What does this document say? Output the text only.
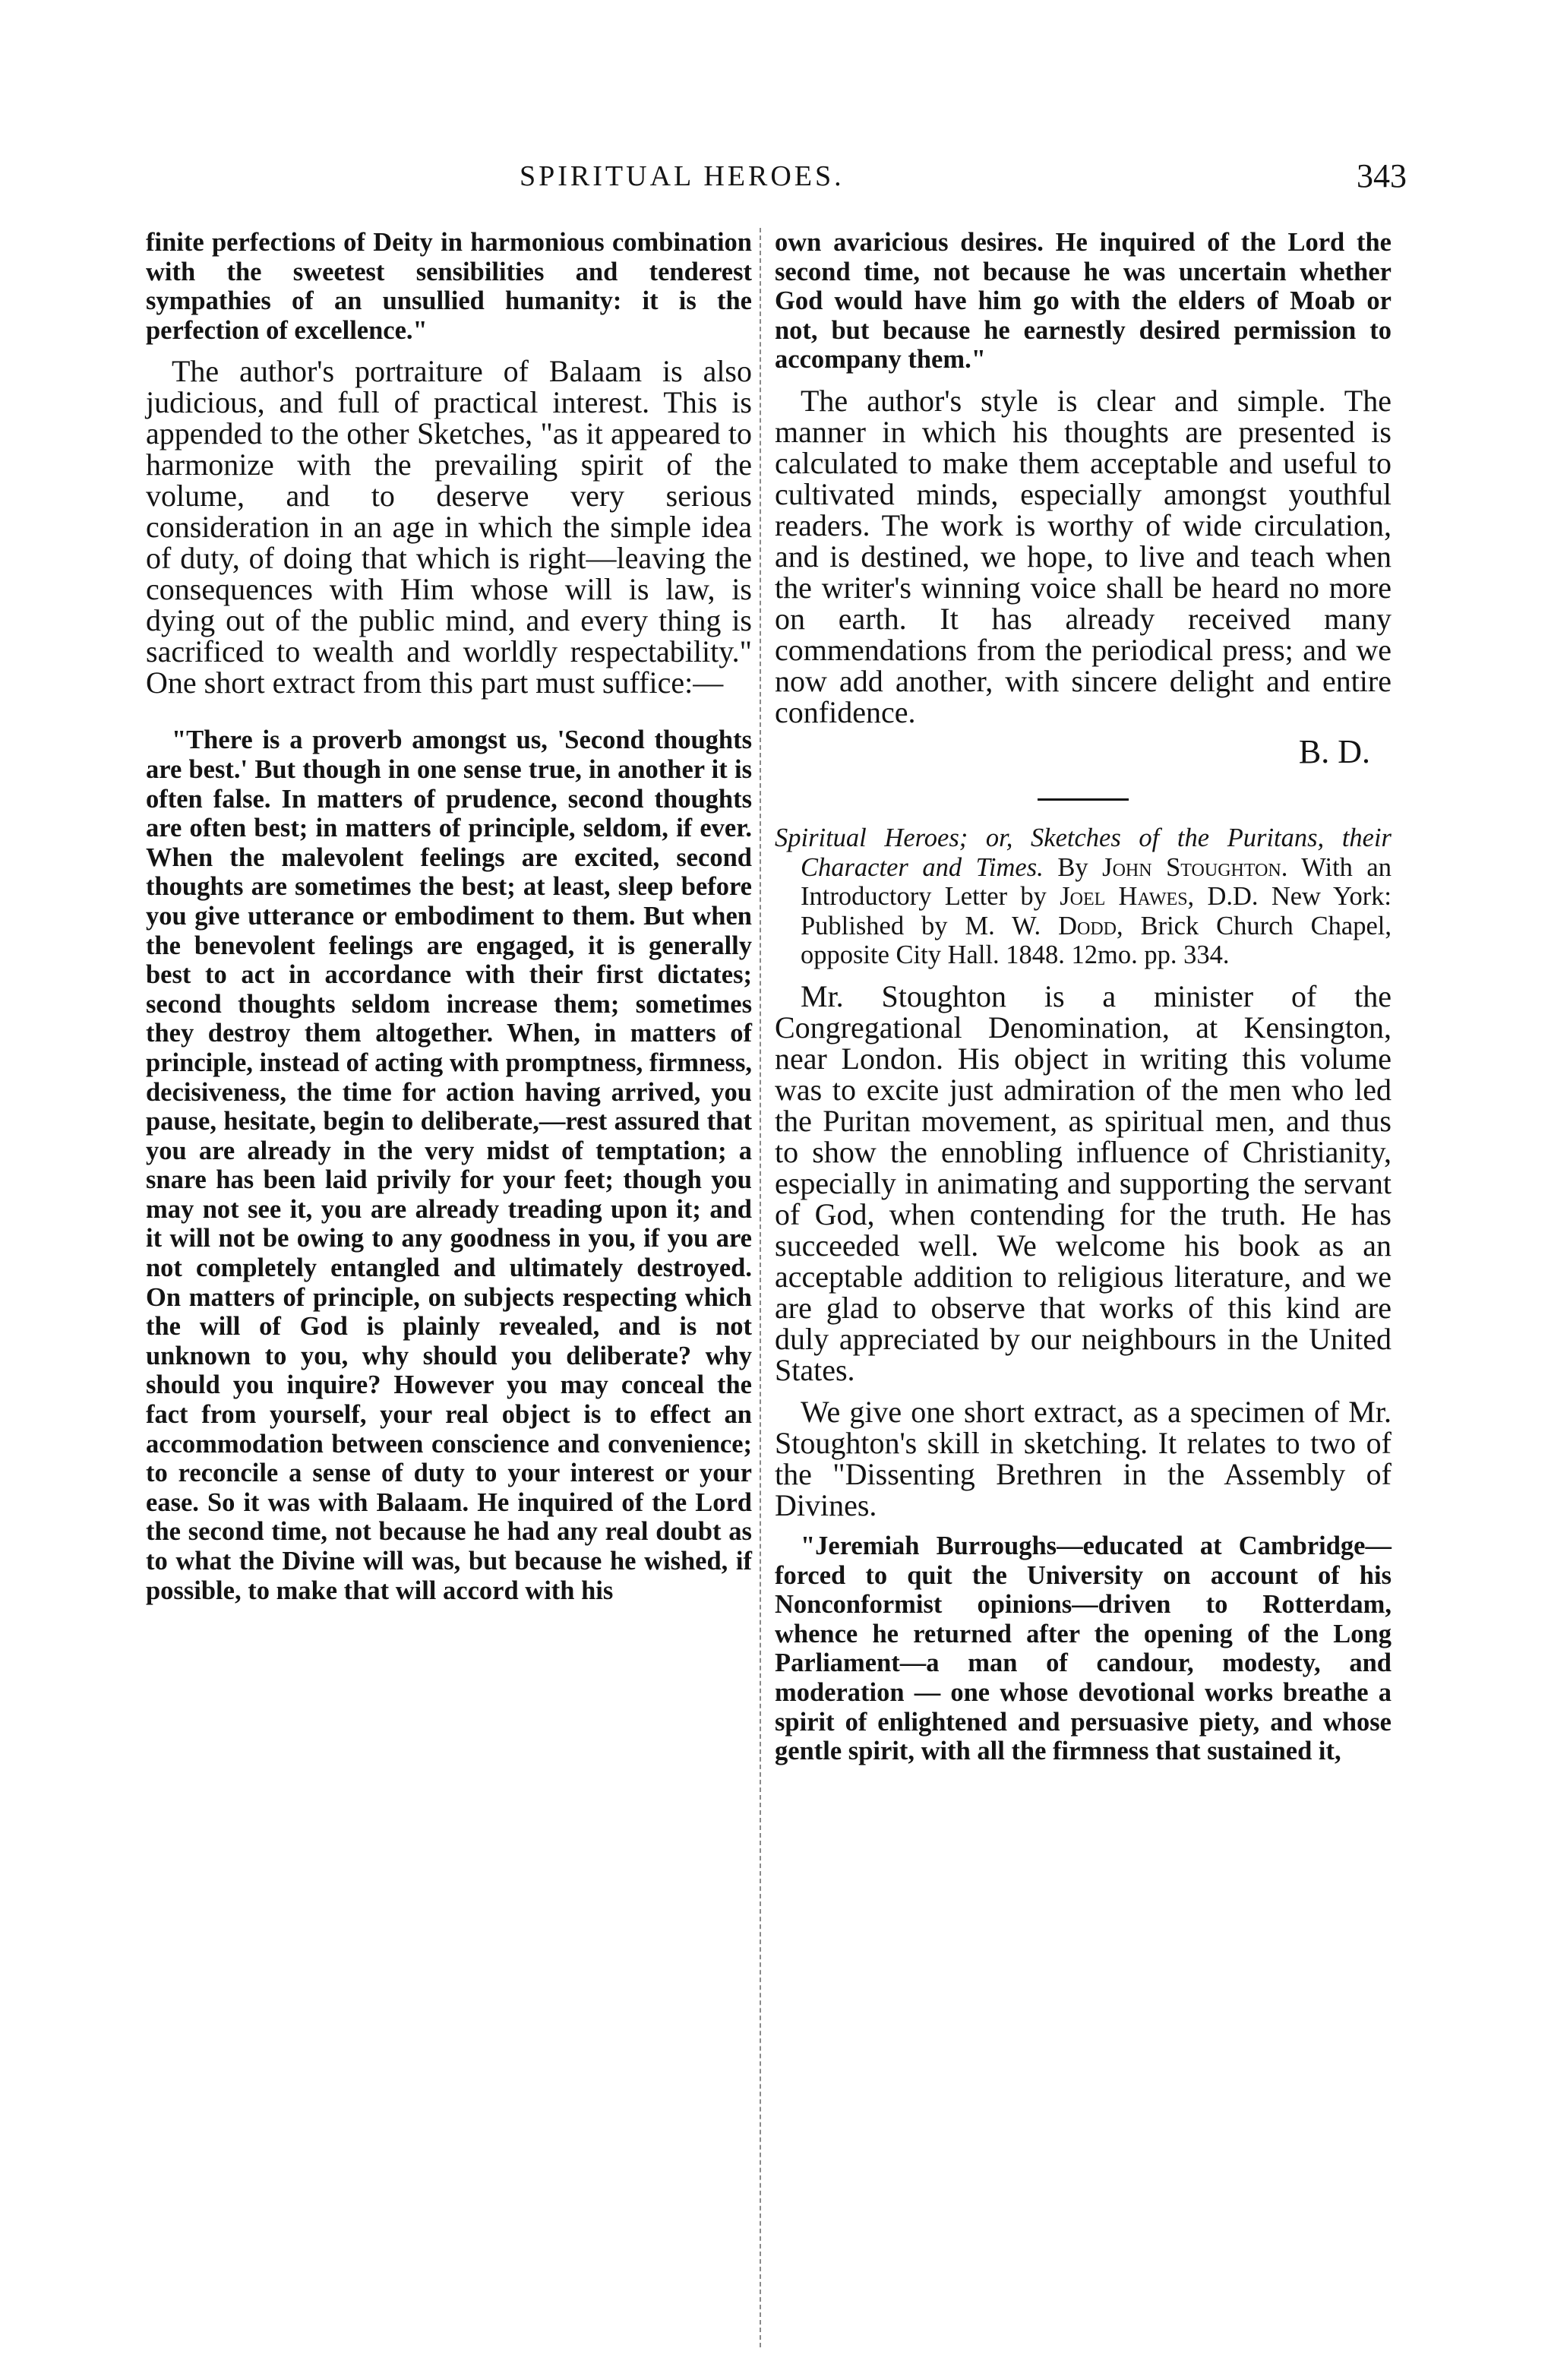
SPIRITUAL HEROES.	343

finite perfections of Deity in harmonious combination with the sweetest sensibilities and tenderest sympathies of an unsullied humanity: it is the perfection of excellence."

The author's portraiture of Balaam is also judicious, and full of practical interest. This is appended to the other Sketches, "as it appeared to harmonize with the prevailing spirit of the volume, and to deserve very serious consideration in an age in which the simple idea of duty, of doing that which is right—leaving the consequences with Him whose will is law, is dying out of the public mind, and every thing is sacrificed to wealth and worldly respectability." One short extract from this part must suffice:—

"There is a proverb amongst us, 'Second thoughts are best.' But though in one sense true, in another it is often false. In matters of prudence, second thoughts are often best; in matters of principle, seldom, if ever. When the malevolent feelings are excited, second thoughts are sometimes the best; at least, sleep before you give utterance or embodiment to them. But when the benevolent feelings are engaged, it is generally best to act in accordance with their first dictates; second thoughts seldom increase them; sometimes they destroy them altogether. When, in matters of principle, instead of acting with promptness, firmness, decisiveness, the time for action having arrived, you pause, hesitate, begin to deliberate,—rest assured that you are already in the very midst of temptation; a snare has been laid privily for your feet; though you may not see it, you are already treading upon it; and it will not be owing to any goodness in you, if you are not completely entangled and ultimately destroyed. On matters of principle, on subjects respecting which the will of God is plainly revealed, and is not unknown to you, why should you deliberate? why should you inquire? However you may conceal the fact from yourself, your real object is to effect an accommodation between conscience and convenience; to reconcile a sense of duty to your interest or your ease. So it was with Balaam. He inquired of the Lord the second time, not because he had any real doubt as to what the Divine will was, but because he wished, if possible, to make that will accord with his

own avaricious desires. He inquired of the Lord the second time, not because he was uncertain whether God would have him go with the elders of Moab or not, but because he earnestly desired permission to accompany them."

The author's style is clear and simple. The manner in which his thoughts are presented is calculated to make them acceptable and useful to cultivated minds, especially amongst youthful readers. The work is worthy of wide circulation, and is destined, we hope, to live and teach when the writer's winning voice shall be heard no more on earth. It has already received many commendations from the periodical press; and we now add another, with sincere delight and entire confidence.

B. D.

Spiritual Heroes; or, Sketches of the Puritans, their Character and Times. By John Stoughton. With an Introductory Letter by Joel Hawes, D.D. New York: Published by M. W. Dodd, Brick Church Chapel, opposite City Hall. 1848. 12mo. pp. 334.

Mr. Stoughton is a minister of the Congregational Denomination, at Kensington, near London. His object in writing this volume was to excite just admiration of the men who led the Puritan movement, as spiritual men, and thus to show the ennobling influence of Christianity, especially in animating and supporting the servant of God, when contending for the truth. He has succeeded well. We welcome his book as an acceptable addition to religious literature, and we are glad to observe that works of this kind are duly appreciated by our neighbours in the United States.

We give one short extract, as a specimen of Mr. Stoughton's skill in sketching. It relates to two of the "Dissenting Brethren in the Assembly of Divines.

"Jeremiah Burroughs—educated at Cambridge—forced to quit the University on account of his Nonconformist opinions—driven to Rotterdam, whence he returned after the opening of the Long Parliament—a man of candour, modesty, and moderation — one whose devotional works breathe a spirit of enlightened and persuasive piety, and whose gentle spirit, with all the firmness that sustained it,
